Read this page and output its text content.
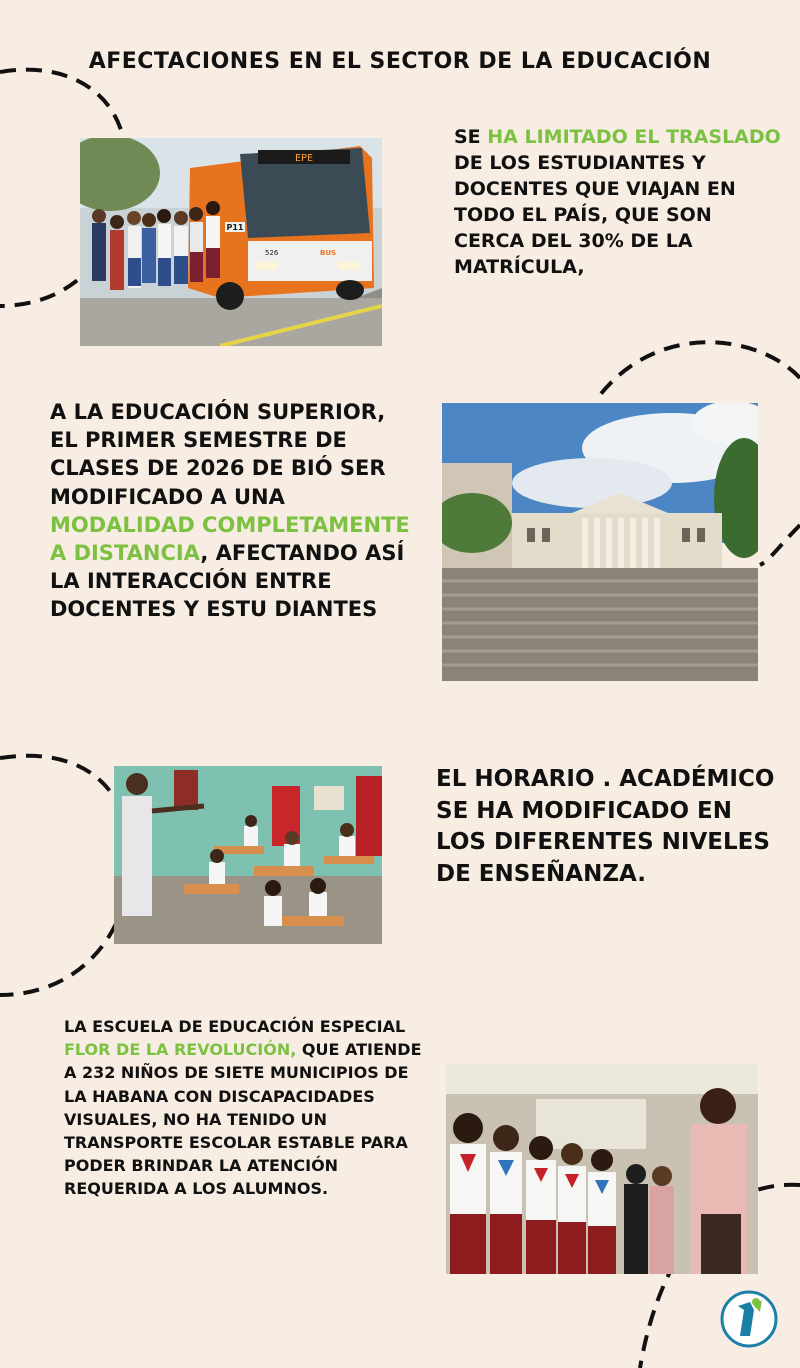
AFECTACIONES EN EL SECTOR DE LA EDUCACIÓN
EPE
P11
526	BUS
SE HA LIMITADO EL TRASLADO DE LOS ESTUDIANTES Y DOCENTES QUE VIAJAN EN TODO EL PAÍS, QUE SON CERCA DEL 30% DE LA MATRÍCULA,
A LA EDUCACIÓN SUPERIOR, EL PRIMER SEMESTRE DE CLASES DE 2026 DE BIÓ SER MODIFICADO A UNA MODALIDAD COMPLETAMENTE A DISTANCIA, AFECTANDO ASÍ LA INTERACCIÓN ENTRE DOCENTES Y ESTU DIANTES
EL HORARIO . ACADÉMICO SE HA MODIFICADO EN LOS DIFERENTES NIVELES DE ENSEÑANZA.
LA ESCUELA DE EDUCACIÓN ESPECIAL FLOR DE LA REVOLUCIÓN, QUE ATIENDE A 232 NIÑOS DE SIETE MUNICIPIOS DE LA HABANA CON DISCAPACIDADES VISUALES, NO HA TENIDO UN TRANSPORTE ESCOLAR ESTABLE PARA PODER BRINDAR LA ATENCIÓN REQUERIDA A LOS ALUMNOS.
